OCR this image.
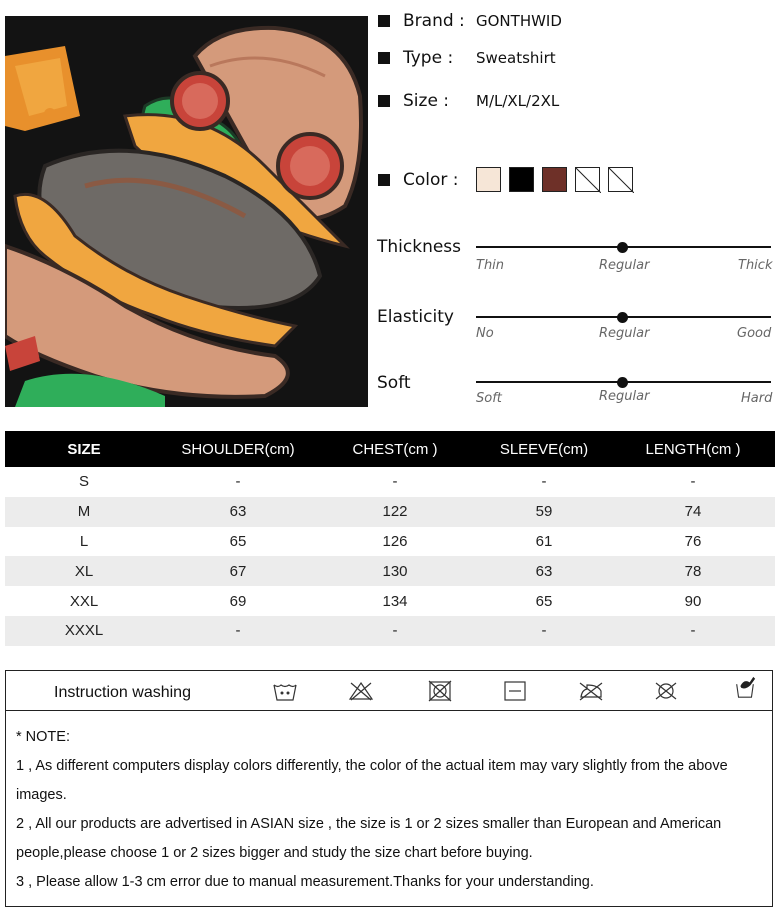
Brand : GONTHWID
Type :	Sweatshirt
Size :	M/L/XL/2XL
Color :
Thickness
Thin	Regular	Thick
Elasticity
No	Regular	Good
Soft
Soft	Regular	Hard
SIZE	SHOULDER(cm)	CHEST(cm )	SLEEVE(cm)	LENGTH(cm )
S	-	-	-	-
M	63	122	59	74
L	65	126	61	76
XL	67	130	63	78
XXL	69	134	65	90
XXXL	-	-	-	-
Instruction washing

* NOTE:

1 , As different computers display colors differently, the color of the actual item may vary slightly from the above

images.

2 , All our products are advertised in ASIAN size , the size is 1 or 2 sizes smaller than European and American

people,please choose 1 or 2 sizes bigger and study the size chart before buying.

3 , Please allow 1-3 cm error due to manual measurement.Thanks for your understanding.
